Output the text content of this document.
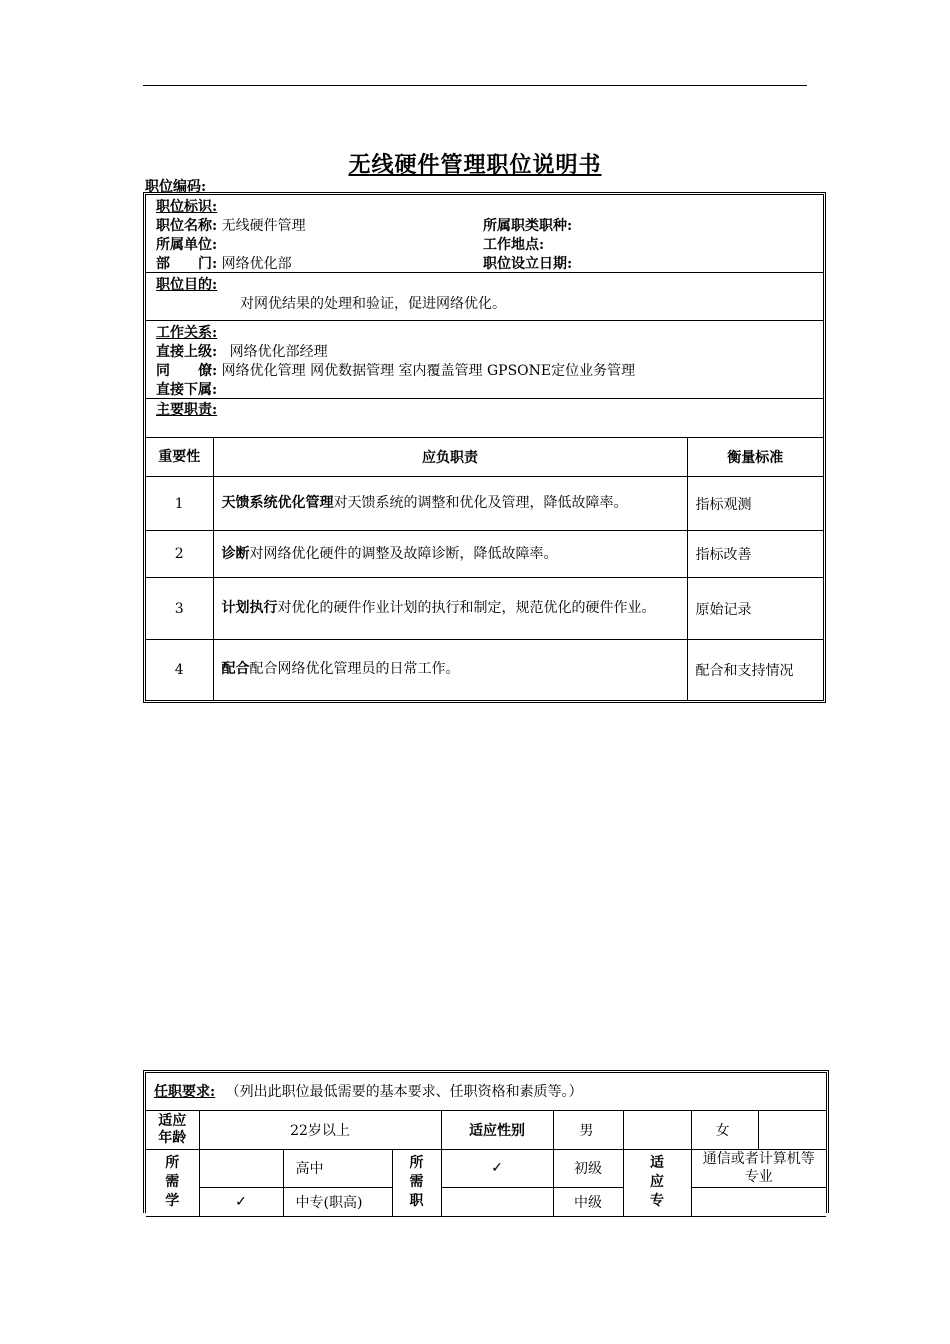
无线硬件管理职位说明书
职位编码:
职位标识:
职位名称: 无线硬件管理	所属职类职种:
所属单位:	工作地点:
部　　门: 网络优化部	职位设立日期:
职位目的:
对网优结果的处理和验证，促进网络优化。
工作关系:
直接上级: 网络优化部经理
同　　僚: 网络优化管理 网优数据管理 室内覆盖管理 GPSONE定位业务管理
直接下属:
主要职责:
重要性	应负职责	衡量标准
1	天馈系统优化管理对天馈系统的调整和优化及管理，降低故障率。	指标观测
2	诊断对网络优化硬件的调整及故障诊断，降低故障率。	指标改善
3	计划执行对优化的硬件作业计划的执行和制定，规范优化的硬件作业。	原始记录
4	配合配合网络优化管理员的日常工作。	配合和支持情况
任职要求: （列出此职位最低需要的基本要求、任职资格和素质等。）								
适应年龄	22岁以上			适应性别	男		女	
所需学		高中	所需职	✓	初级	适应专	通信或者计算机等专业	
	✓	中专(职高)			中级			
